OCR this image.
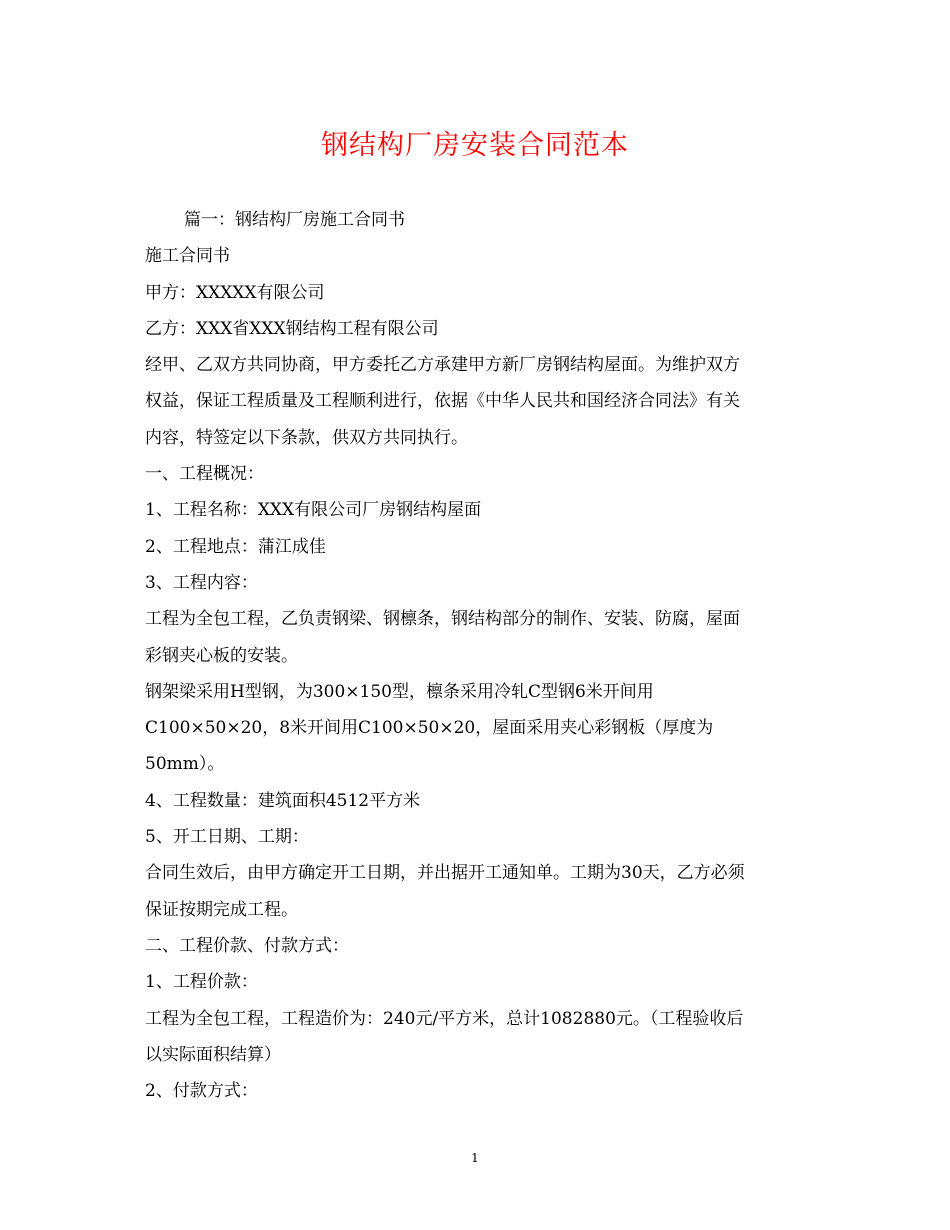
钢结构厂房安装合同范本
篇一：钢结构厂房施工合同书
施工合同书
甲方：XXXXX有限公司
乙方：XXX省XXX钢结构工程有限公司
经甲、乙双方共同协商，甲方委托乙方承建甲方新厂房钢结构屋面。为维护双方
权益，保证工程质量及工程顺利进行，依据《中华人民共和国经济合同法》有关
内容，特签定以下条款，供双方共同执行。
一、工程概况：
1、工程名称：XXX有限公司厂房钢结构屋面
2、工程地点：蒲江成佳
3、工程内容：
工程为全包工程，乙负责钢梁、钢檩条，钢结构部分的制作、安装、防腐，屋面
彩钢夹心板的安装。
钢架梁采用H型钢，为300×150型，檩条采用冷轧C型钢6米开间用
C100×50×20，8米开间用C100×50×20，屋面采用夹心彩钢板（厚度为
50mm）。
4、工程数量：建筑面积4512平方米
5、开工日期、工期：
合同生效后，由甲方确定开工日期，并出据开工通知单。工期为30天，乙方必须
保证按期完成工程。
二、工程价款、付款方式：
1、工程价款：
工程为全包工程，工程造价为：240元/平方米，总计1082880元。（工程验收后
以实际面积结算）
2、付款方式：
1
